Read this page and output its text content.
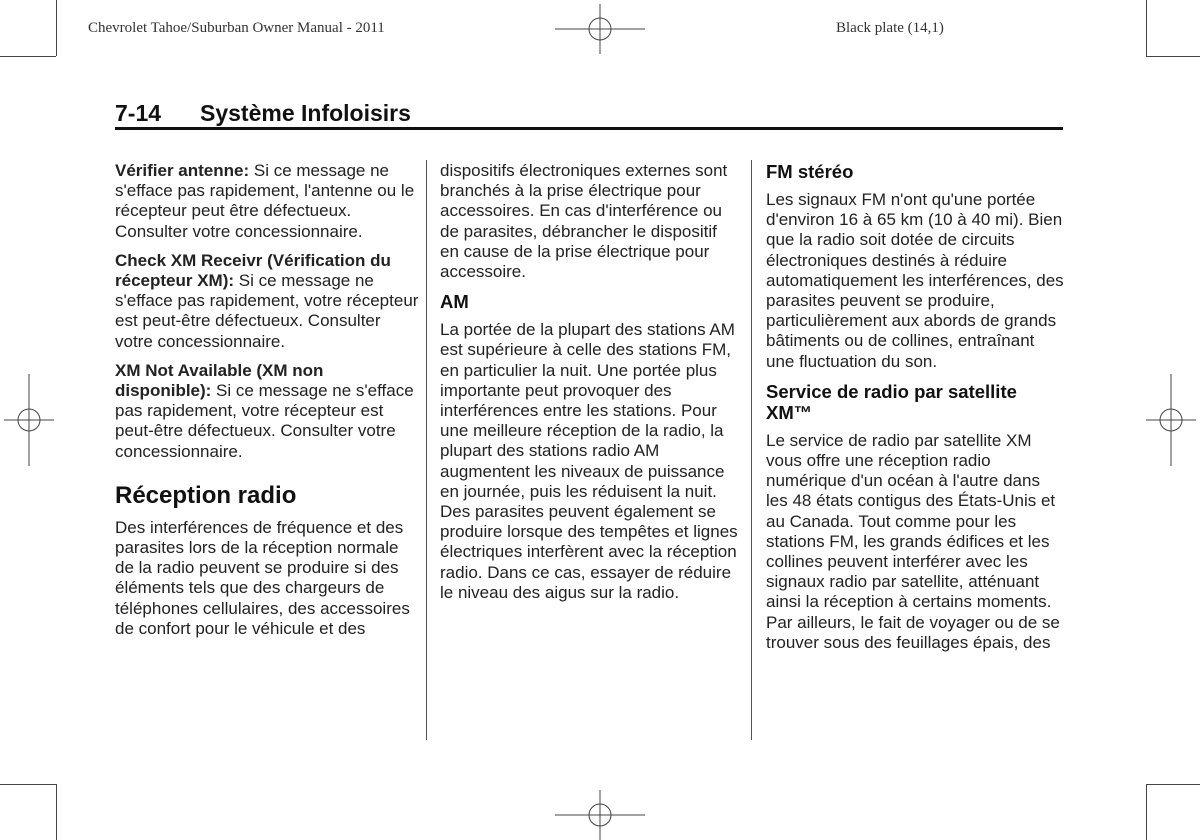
Chevrolet Tahoe/Suburban Owner Manual - 2011	Black plate (14,1)
7-14 Système Infoloisirs

Vérifier antenne: Si ce message ne s'efface pas rapidement, l'antenne ou le récepteur peut être défectueux. Consulter votre concessionnaire.

Check XM Receivr (Vérification du récepteur XM): Si ce message ne s'efface pas rapidement, votre récepteur est peut-être défectueux. Consulter votre concessionnaire.

XM Not Available (XM non disponible): Si ce message ne s'efface pas rapidement, votre récepteur est peut-être défectueux. Consulter votre concessionnaire.

Réception radio

Des interférences de fréquence et des parasites lors de la réception normale de la radio peuvent se produire si des éléments tels que des chargeurs de téléphones cellulaires, des accessoires de confort pour le véhicule et des

dispositifs électroniques externes sont branchés à la prise électrique pour accessoires. En cas d'interférence ou de parasites, débrancher le dispositif en cause de la prise électrique pour accessoire.

AM

La portée de la plupart des stations AM est supérieure à celle des stations FM, en particulier la nuit. Une portée plus importante peut provoquer des interférences entre les stations. Pour une meilleure réception de la radio, la plupart des stations radio AM augmentent les niveaux de puissance en journée, puis les réduisent la nuit. Des parasites peuvent également se produire lorsque des tempêtes et lignes électriques interfèrent avec la réception radio. Dans ce cas, essayer de réduire le niveau des aigus sur la radio.

FM stéréo

Les signaux FM n'ont qu'une portée d'environ 16 à 65 km (10 à 40 mi). Bien que la radio soit dotée de circuits électroniques destinés à réduire automatiquement les interférences, des parasites peuvent se produire, particulièrement aux abords de grands bâtiments ou de collines, entraînant une fluctuation du son.

Service de radio par satellite XM™

Le service de radio par satellite XM vous offre une réception radio numérique d'un océan à l'autre dans les 48 états contigus des États-Unis et au Canada. Tout comme pour les stations FM, les grands édifices et les collines peuvent interférer avec les signaux radio par satellite, atténuant ainsi la réception à certains moments. Par ailleurs, le fait de voyager ou de se trouver sous des feuillages épais, des
